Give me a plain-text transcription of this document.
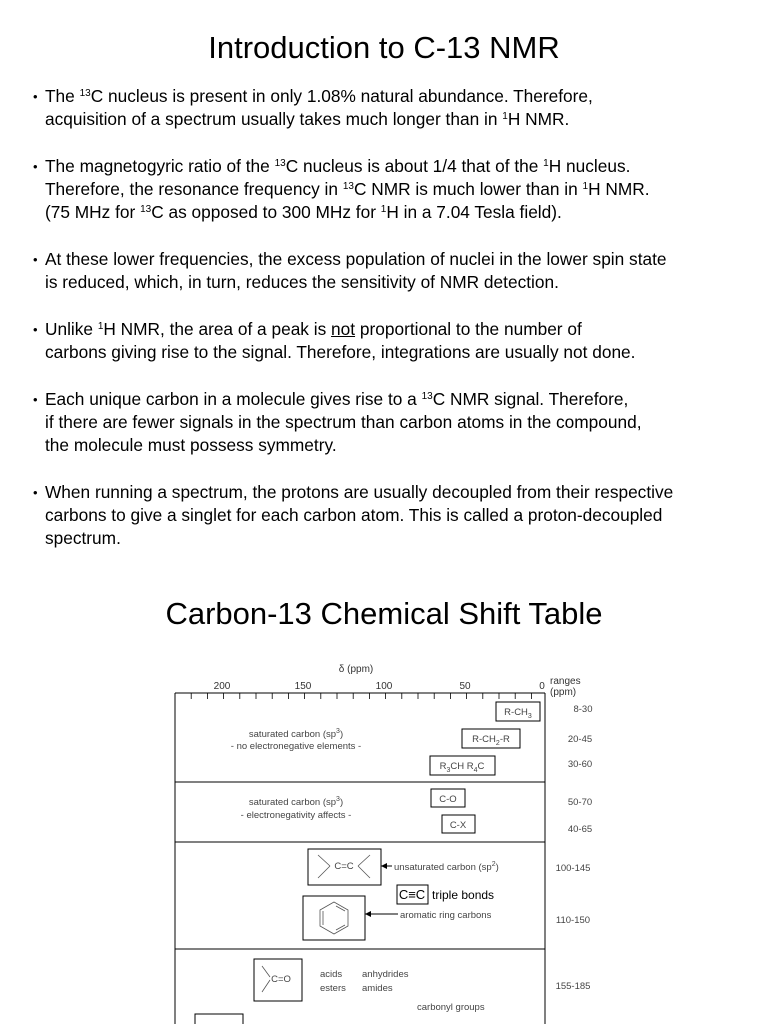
Introduction to C-13 NMR
• The $^{13}$C nucleus is present in only 1.08% natural abundance. Therefore,

acquisition of a spectrum usually takes much longer than in $^1$H NMR.

• The magnetogyric ratio of the $^{13}$C nucleus is about 1/4 that of the $^1$H nucleus.

Therefore, the resonance frequency in $^{13}$C NMR is much lower than in $^1$H NMR.

(75 MHz for $^{13}$C as opposed to 300 MHz for $^1$H in a 7.04 Tesla field).

• At these lower frequencies, the excess population of nuclei in the lower spin state

is reduced, which, in turn, reduces the sensitivity of NMR detection.

• Unlike $^1$H NMR, the area of a peak is not proportional to the number of

carbons giving rise to the signal. Therefore, integrations are usually not done.

• Each unique carbon in a molecule gives rise to a $^{13}$C NMR signal. Therefore,

if there are fewer signals in the spectrum than carbon atoms in the compound,

the molecule must possess symmetry.

• When running a spectrum, the protons are usually decoupled from their respective

carbons to give a singlet for each carbon atom. This is called a proton-decoupled

spectrum.

Carbon-13 Chemical Shift Table
δ (ppm)
200	150	100	50	0 ranges
(ppm)
saturated carbon $(sp^3)$
- no electronegative elements -
$R-CH_3$
$R-CH_2-R$
$R_3CH$ $R_4C$
8-30
20-45
30-60
saturated carbon $(sp^3)$
- electronegativity affects -
C-O
C-X
50-70
40-65
C=C	unsaturated carbon $(sp^2)$
C≡C triple bonds
aromatic ring carbons
100-145
110-150
C=O	acids anhydrides
esters amides
carbonyl groups
155-185
